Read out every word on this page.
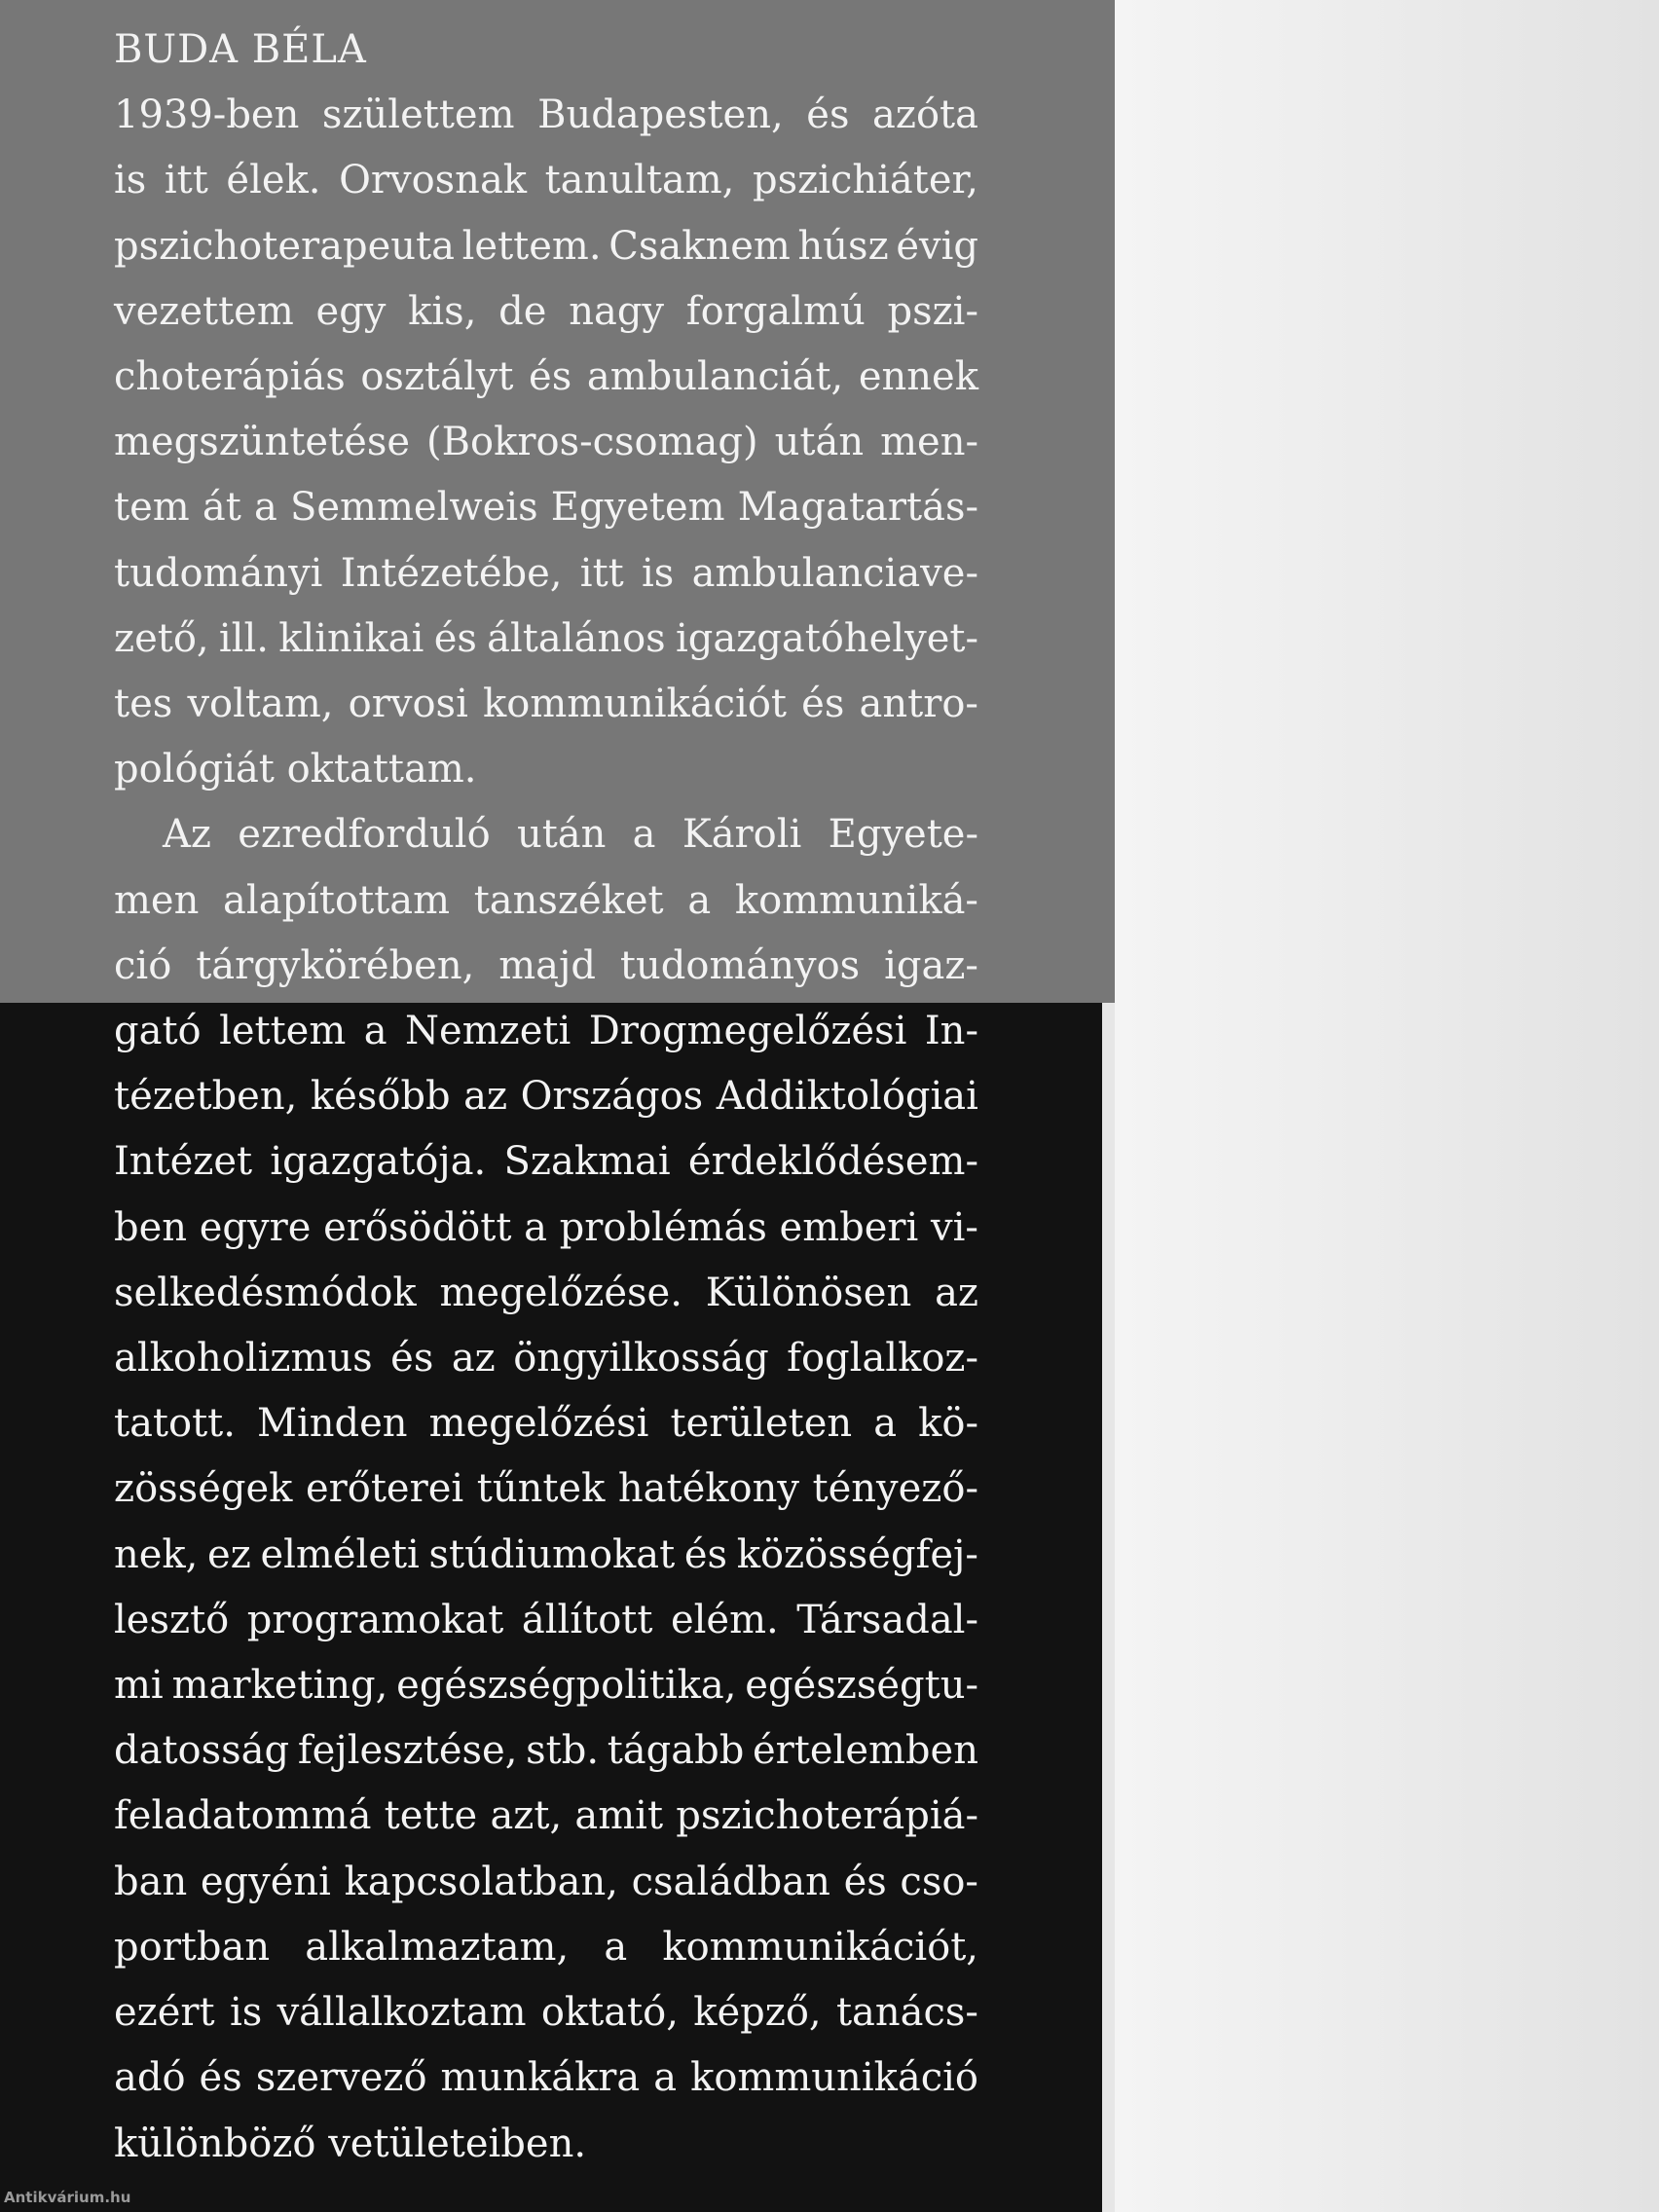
BUDA BÉLA
1939-ben születtem Budapesten, és azóta
is itt élek. Orvosnak tanultam, pszichiáter,
pszichoterapeuta lettem. Csaknem húsz évig
vezettem egy kis, de nagy forgalmú pszi-
choterápiás osztályt és ambulanciát, ennek
megszüntetése (Bokros-csomag) után men-
tem át a Semmelweis Egyetem Magatartás-
tudományi Intézetébe, itt is ambulanciave-
zető, ill. klinikai és általános igazgatóhelyet-
tes voltam, orvosi kommunikációt és antro-
pológiát oktattam.
Az ezredforduló után a Károli Egyete-
men alapítottam tanszéket a kommuniká-
ció tárgykörében, majd tudományos igaz-
gató lettem a Nemzeti Drogmegelőzési In-
tézetben, később az Országos Addiktológiai
Intézet igazgatója. Szakmai érdeklődésem-
ben egyre erősödött a problémás emberi vi-
selkedésmódok megelőzése. Különösen az
alkoholizmus és az öngyilkosság foglalkoz-
tatott. Minden megelőzési területen a kö-
zösségek erőterei tűntek hatékony tényező-
nek, ez elméleti stúdiumokat és közösségfej-
lesztő programokat állított elém. Társadal-
mi marketing, egészségpolitika, egészségtu-
datosság fejlesztése, stb. tágabb értelemben
feladatommá tette azt, amit pszichoterápiá-
ban egyéni kapcsolatban, családban és cso-
portban alkalmaztam, a kommunikációt,
ezért is vállalkoztam oktató, képző, tanács-
adó és szervező munkákra a kommunikáció
különböző vetületeiben.
Antikvárium.hu
